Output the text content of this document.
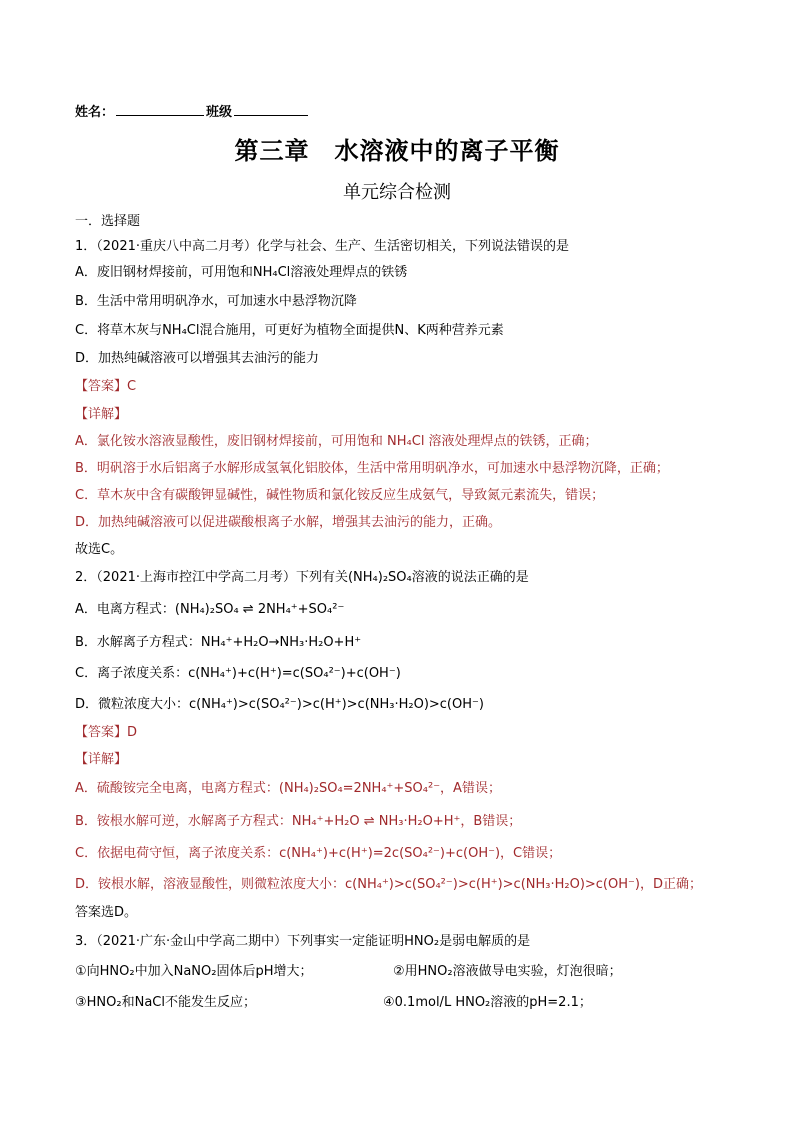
姓名：	班级
第三章　水溶液中的离子平衡
单元综合检测
一．选择题
1．（2021·重庆八中高二月考）化学与社会、生产、生活密切相关，下列说法错误的是
A．废旧钢材焊接前，可用饱和NH₄Cl溶液处理焊点的铁锈
B．生活中常用明矾净水，可加速水中悬浮物沉降
C．将草木灰与NH₄Cl混合施用，可更好为植物全面提供N、K两种营养元素
D．加热纯碱溶液可以增强其去油污的能力
【答案】C
【详解】
A．氯化铵水溶液显酸性，废旧钢材焊接前，可用饱和 NH₄Cl 溶液处理焊点的铁锈，正确；
B．明矾溶于水后铝离子水解形成氢氧化铝胶体，生活中常用明矾净水，可加速水中悬浮物沉降，正确；
C．草木灰中含有碳酸钾显碱性，碱性物质和氯化铵反应生成氨气，导致氮元素流失，错误；
D．加热纯碱溶液可以促进碳酸根离子水解，增强其去油污的能力，正确。
故选C。
2．（2021·上海市控江中学高二月考）下列有关(NH₄)₂SO₄溶液的说法正确的是
A．电离方程式：(NH₄)₂SO₄ ⇌ 2NH₄⁺+SO₄²⁻
B．水解离子方程式：NH₄⁺+H₂O→NH₃·H₂O+H⁺
C．离子浓度关系：c(NH₄⁺)+c(H⁺)=c(SO₄²⁻)+c(OH⁻)
D．微粒浓度大小：c(NH₄⁺)>c(SO₄²⁻)>c(H⁺)>c(NH₃·H₂O)>c(OH⁻)
【答案】D
【详解】
A．硫酸铵完全电离，电离方程式：(NH₄)₂SO₄=2NH₄⁺+SO₄²⁻，A错误；
B．铵根水解可逆，水解离子方程式：NH₄⁺+H₂O ⇌ NH₃·H₂O+H⁺，B错误；
C．依据电荷守恒，离子浓度关系：c(NH₄⁺)+c(H⁺)=2c(SO₄²⁻)+c(OH⁻)，C错误；
D．铵根水解，溶液显酸性，则微粒浓度大小：c(NH₄⁺)>c(SO₄²⁻)>c(H⁺)>c(NH₃·H₂O)>c(OH⁻)，D正确；
答案选D。
3．（2021·广东·金山中学高二期中）下列事实一定能证明HNO₂是弱电解质的是
①向HNO₂中加入NaNO₂固体后pH增大；	②用HNO₂溶液做导电实验，灯泡很暗；
③HNO₂和NaCl不能发生反应；	④0.1mol/L HNO₂溶液的pH=2.1；
